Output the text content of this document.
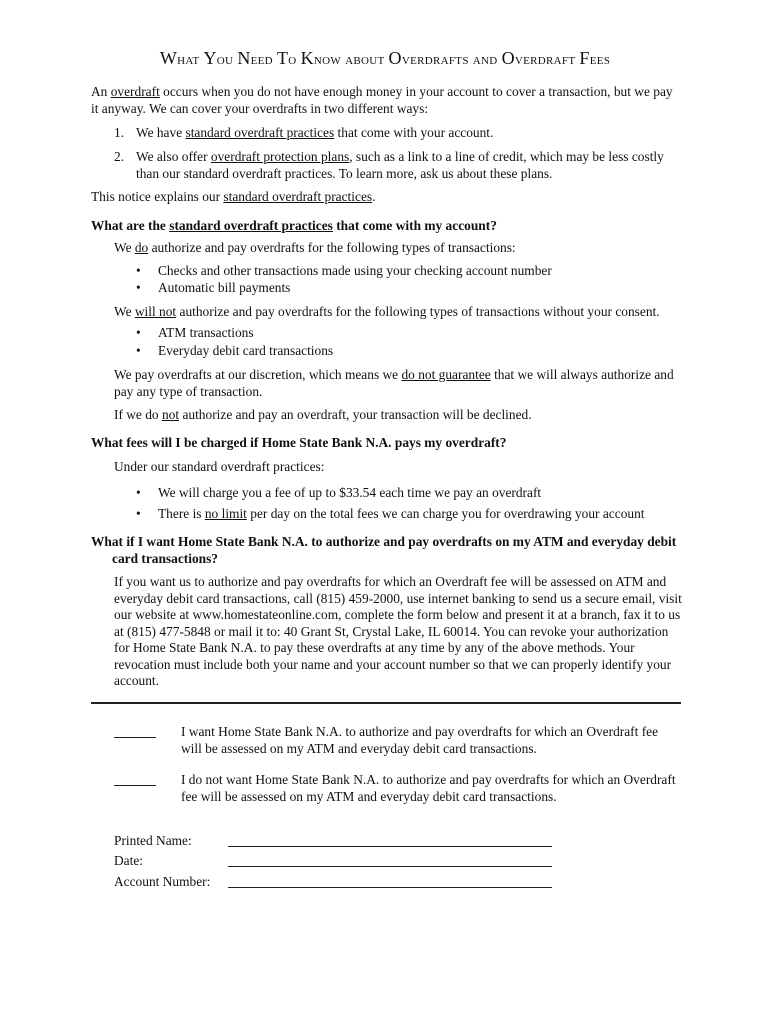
What You Need To Know about Overdrafts and Overdraft Fees

An overdraft occurs when you do not have enough money in your account to cover a transaction, but we pay it anyway. We can cover your overdrafts in two different ways:

1. We have standard overdraft practices that come with your account.
2. We also offer overdraft protection plans, such as a link to a line of credit, which may be less costly than our standard overdraft practices. To learn more, ask us about these plans.

This notice explains our standard overdraft practices.

What are the standard overdraft practices that come with my account?

We do authorize and pay overdrafts for the following types of transactions:

• Checks and other transactions made using your checking account number
• Automatic bill payments

We will not authorize and pay overdrafts for the following types of transactions without your consent.

• ATM transactions
• Everyday debit card transactions

We pay overdrafts at our discretion, which means we do not guarantee that we will always authorize and pay any type of transaction.

If we do not authorize and pay an overdraft, your transaction will be declined.

What fees will I be charged if Home State Bank N.A. pays my overdraft?

Under our standard overdraft practices:

• We will charge you a fee of up to $33.54 each time we pay an overdraft
• There is no limit per day on the total fees we can charge you for overdrawing your account

What if I want Home State Bank N.A. to authorize and pay overdrafts on my ATM and everyday debit card transactions?

If you want us to authorize and pay overdrafts for which an Overdraft fee will be assessed on ATM and everyday debit card transactions, call (815) 459-2000, use internet banking to send us a secure email, visit our website at www.homestateonline.com, complete the form below and present it at a branch, fax it to us at (815) 477-5848 or mail it to: 40 Grant St, Crystal Lake, IL 60014. You can revoke your authorization for Home State Bank N.A. to pay these overdrafts at any time by any of the above methods. Your revocation must include both your name and your account number so that we can properly identify your account.

I want Home State Bank N.A. to authorize and pay overdrafts for which an Overdraft fee will be assessed on my ATM and everyday debit card transactions.

I do not want Home State Bank N.A. to authorize and pay overdrafts for which an Overdraft fee will be assessed on my ATM and everyday debit card transactions.

Printed Name:

Date:

Account Number:
